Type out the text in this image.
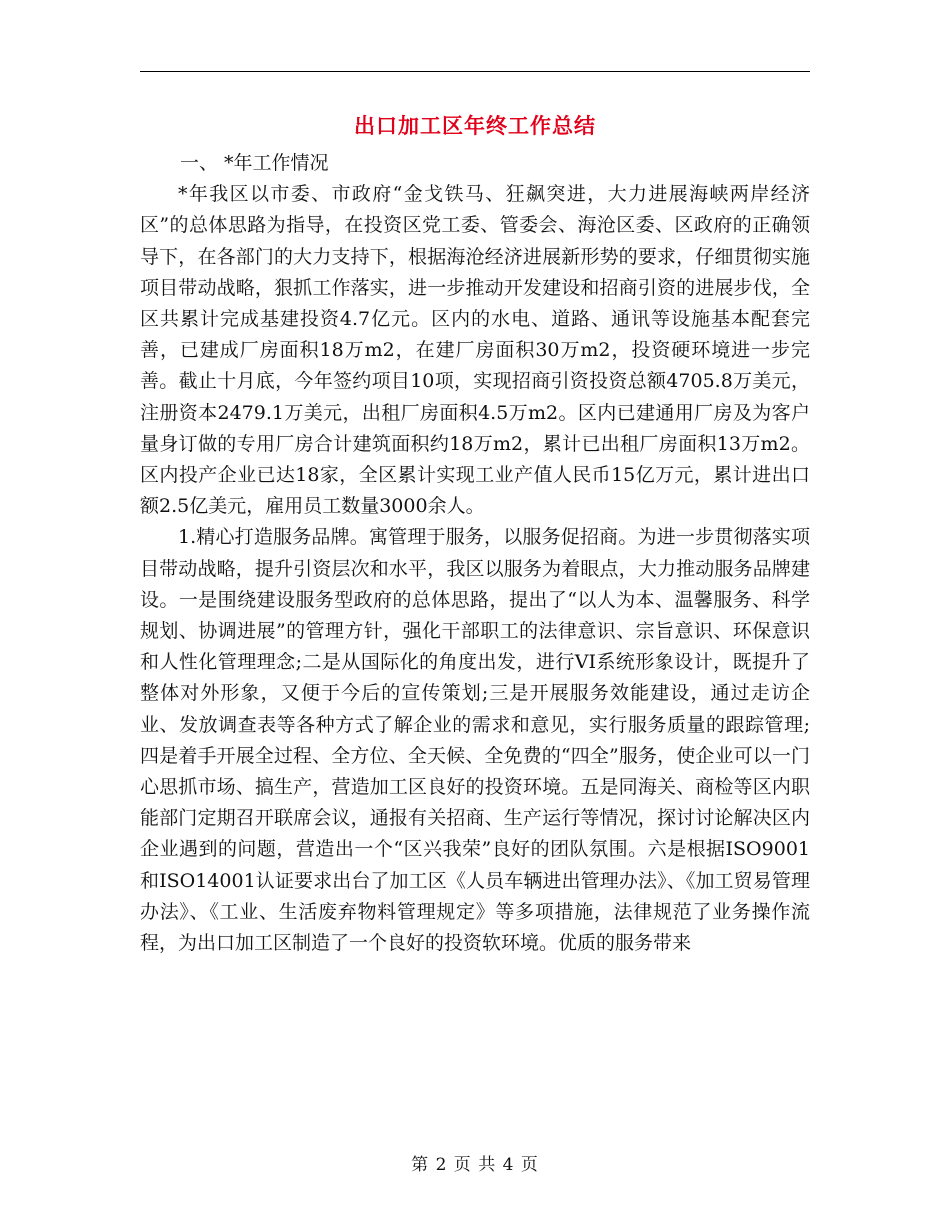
出口加工区年终工作总结

一、 *年工作情况

*年我区以市委、市政府“金戈铁马、狂飙突进，大力进展海峡两岸经济区”的总体思路为指导，在投资区党工委、管委会、海沧区委、区政府的正确领导下，在各部门的大力支持下，根据海沧经济进展新形势的要求，仔细贯彻实施项目带动战略，狠抓工作落实，进一步推动开发建设和招商引资的进展步伐，全区共累计完成基建投资4.7亿元。区内的水电、道路、通讯等设施基本配套完善，已建成厂房面积18万m2，在建厂房面积30万m2，投资硬环境进一步完善。截止十月底，今年签约项目10项，实现招商引资投资总额4705.8万美元，注册资本2479.1万美元，出租厂房面积4.5万m2。区内已建通用厂房及为客户量身订做的专用厂房合计建筑面积约18万m2，累计已出租厂房面积13万m2。区内投产企业已达18家，全区累计实现工业产值人民币15亿万元，累计进出口额2.5亿美元，雇用员工数量3000余人。

1.精心打造服务品牌。寓管理于服务，以服务促招商。为进一步贯彻落实项目带动战略，提升引资层次和水平，我区以服务为着眼点，大力推动服务品牌建设。一是围绕建设服务型政府的总体思路，提出了“以人为本、温馨服务、科学规划、协调进展”的管理方针，强化干部职工的法律意识、宗旨意识、环保意识和人性化管理理念;二是从国际化的角度出发，进行VI系统形象设计，既提升了整体对外形象，又便于今后的宣传策划;三是开展服务效能建设，通过走访企业、发放调查表等各种方式了解企业的需求和意见，实行服务质量的跟踪管理;四是着手开展全过程、全方位、全天候、全免费的“四全”服务，使企业可以一门心思抓市场、搞生产，营造加工区良好的投资环境。五是同海关、商检等区内职能部门定期召开联席会议，通报有关招商、生产运行等情况，探讨讨论解决区内企业遇到的问题，营造出一个“区兴我荣”良好的团队氛围。六是根据ISO9001和ISO14001认证要求出台了加工区《人员车辆进出管理办法》、《加工贸易管理办法》、《工业、生活废弃物料管理规定》等多项措施，法律规范了业务操作流程，为出口加工区制造了一个良好的投资软环境。优质的服务带来

第 2 页 共 4 页
